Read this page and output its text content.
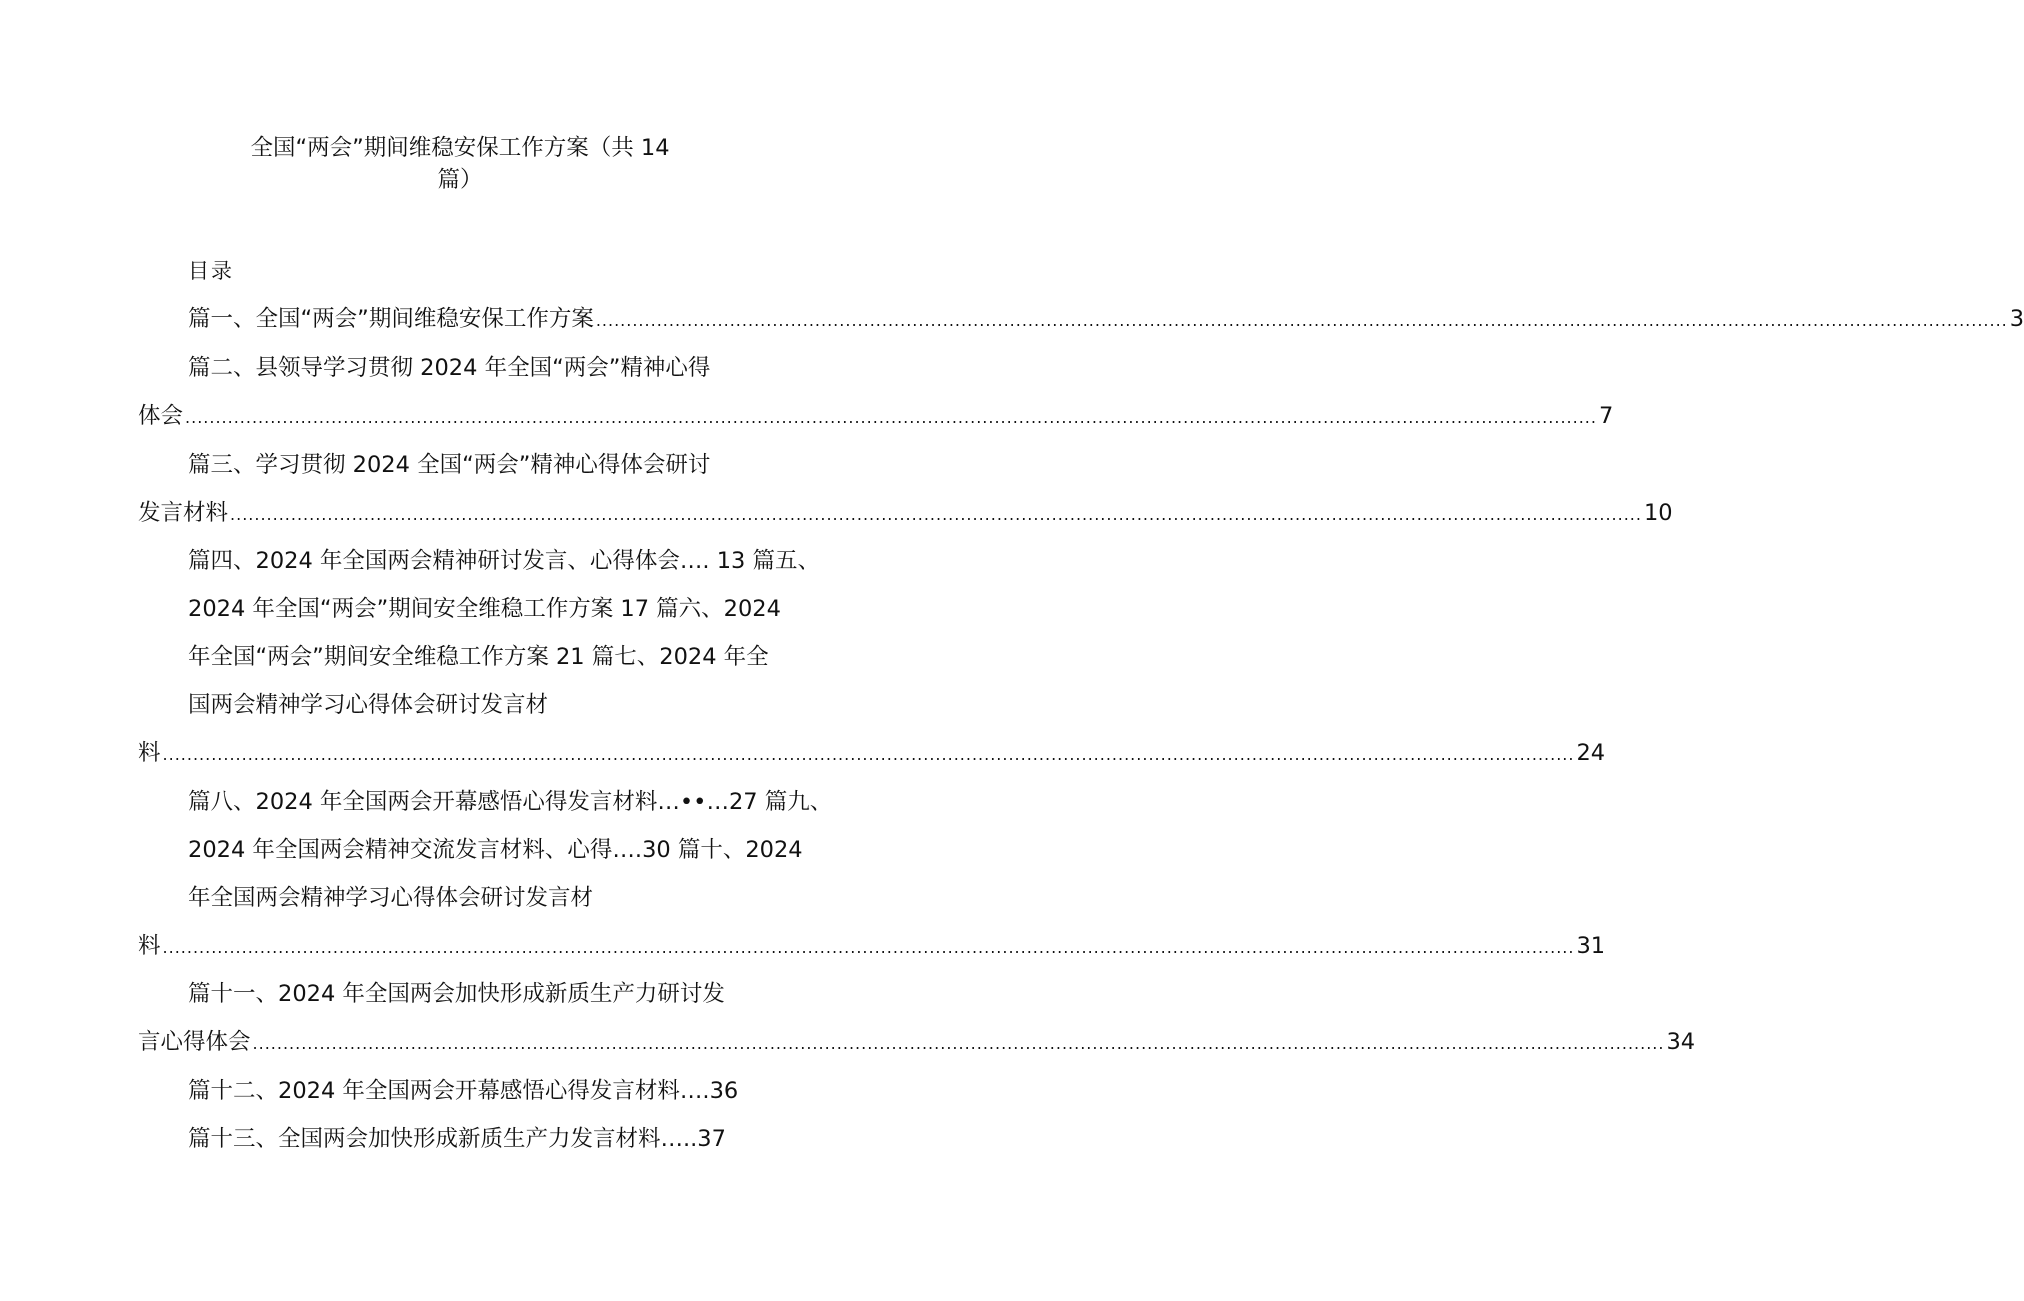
全国“两会”期间维稳安保工作方案（共 14
篇）
目录
篇一、全国“两会”期间维稳安保工作方案 ........................................................................................................................................................................................................................................ 3
篇二、县领导学习贯彻 2024 年全国“两会”精神心得
体会 ........................................................................................................................................................................................................................................ 7
篇三、学习贯彻 2024 全国“两会”精神心得体会研讨
发言材料 ........................................................................................................................................................................................................................................ 10
篇四、2024 年全国两会精神研讨发言、心得体会…. 13 篇五、
2024 年全国“两会”期间安全维稳工作方案 17 篇六、2024
年全国“两会”期间安全维稳工作方案 21 篇七、2024 年全
国两会精神学习心得体会研讨发言材
料 ........................................................................................................................................................................................................................................ 24
篇八、2024 年全国两会开幕感悟心得发言材料…••…27 篇九、
2024 年全国两会精神交流发言材料、心得….30 篇十、2024
年全国两会精神学习心得体会研讨发言材
料 ........................................................................................................................................................................................................................................ 31
篇十一、2024 年全国两会加快形成新质生产力研讨发
言心得体会 ........................................................................................................................................................................................................................................ 34
篇十二、2024 年全国两会开幕感悟心得发言材料….36
篇十三、全国两会加快形成新质生产力发言材料…..37
